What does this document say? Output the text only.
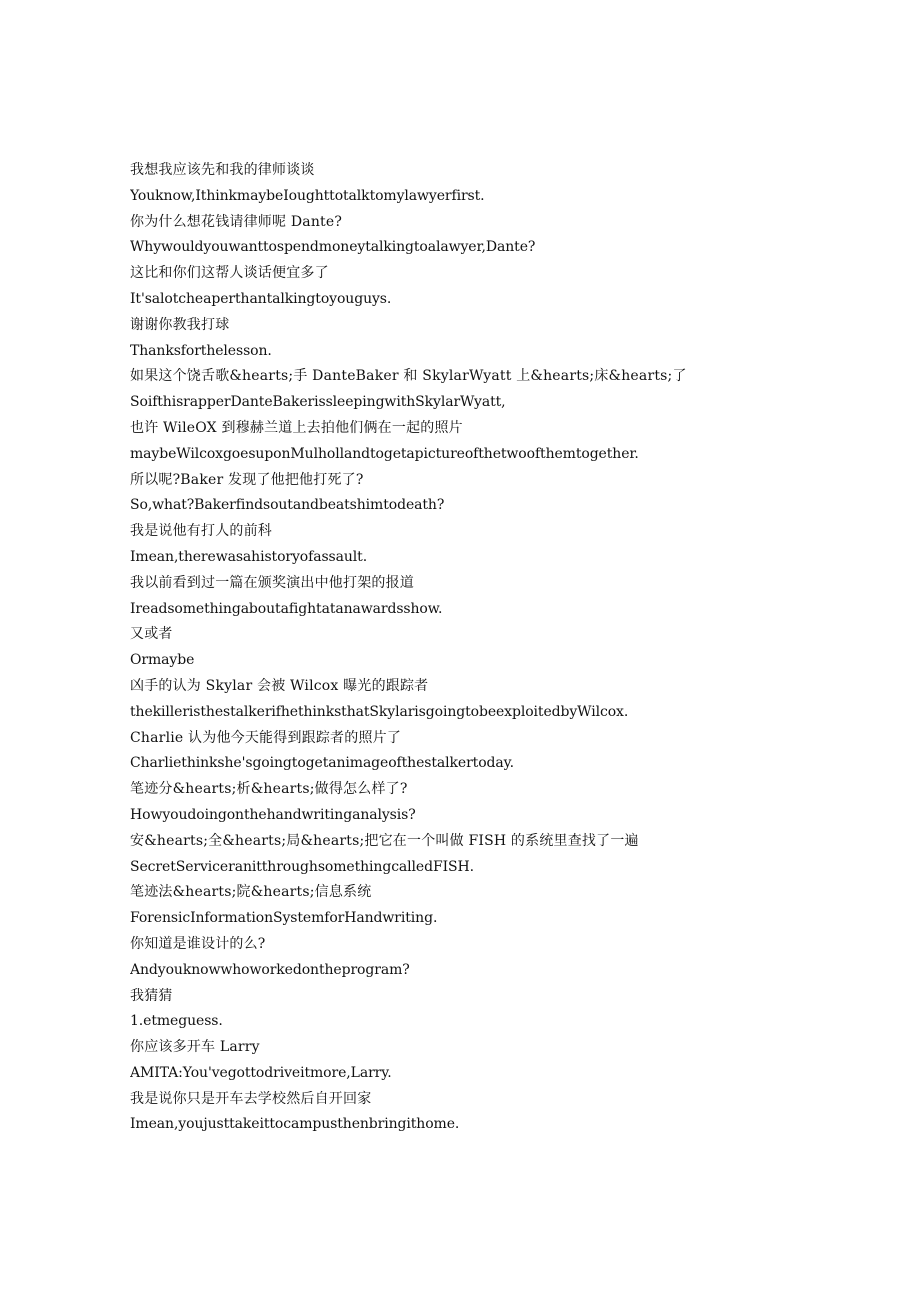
我想我应该先和我的律师谈谈
Youknow,IthinkmaybeIoughttotalktomylawyerfirst.
你为什么想花钱请律师呢 Dante?
Whywouldyouwanttospendmoneytalkingtoalawyer,Dante?
这比和你们这帮人谈话便宜多了
It'salotcheaperthantalkingtoyouguys.
谢谢你教我打球
Thanksforthelesson.
如果这个饶舌歌&hearts;手 DanteBaker 和 SkylarWyatt 上&hearts;床&hearts;了
SoifthisrapperDanteBakerissleepingwithSkylarWyatt,
也许 WileOX 到穆赫兰道上去拍他们俩在一起的照片
maybeWilcoxgoesuponMulhollandtogetapictureofthetwoofthemtogether.
所以呢?Baker 发现了他把他打死了?
So,what?Bakerfindsoutandbeatshimtodeath?
我是说他有打人的前科
Imean,therewasahistoryofassault.
我以前看到过一篇在颁奖演出中他打架的报道
Ireadsomethingaboutafightatanawardsshow.
又或者
Ormaybe
凶手的认为 Skylar 会被 Wilcox 曝光的跟踪者
thekilleristhestalkerifhethinksthatSkylarisgoingtobeexploitedbyWilcox.
Charlie 认为他今天能得到跟踪者的照片了
Charliethinkshe'sgoingtogetanimageofthestalkertoday.
笔迹分&hearts;析&hearts;做得怎么样了?
Howyoudoingonthehandwritinganalysis?
安&hearts;全&hearts;局&hearts;把它在一个叫做 FISH 的系统里查找了一遍
SecretServiceranitthroughsomethingcalledFISH.
笔迹法&hearts;院&hearts;信息系统
ForensicInformationSystemforHandwriting.
你知道是谁设计的么?
Andyouknowwhoworkedontheprogram?
我猜猜
1.etmeguess.
你应该多开车 Larry
AMITA:You'vegottodriveitmore,Larry.
我是说你只是开车去学校然后自开回家
Imean,youjusttakeittocampusthenbringithome.
